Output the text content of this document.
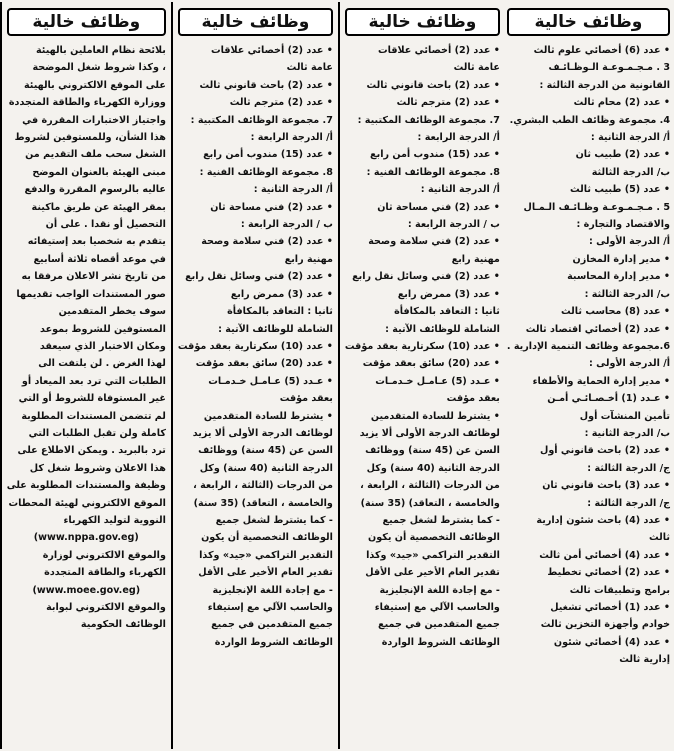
وظائف خالية
• عدد (6) أخصائي علوم ثالث
3 . مـجـمـوعـة الـوظـائـف
القانونية من الدرجة الثالثة :
• عدد (2) محام ثالث
4. مجموعة وظائف الطب البشري.
أ/ الدرجة الثانية :
• عدد (2) طبيب ثان
ب/ الدرجة الثالثة
• عدد (5) طبيب ثالث
5 . مـجـمـوعـة وظـائـف الـمـال
والاقتصاد والتجارة :
أ/ الدرجة الأولى :
• مدير إدارة المخازن
• مدير إدارة المحاسبة
ب/ الدرجة الثالثة :
• عدد (8) محاسب ثالث
• عدد (2) أخصائي اقتصاد ثالث
6.مجموعة وظائف التنمية الإدارية .
أ/ الدرجة الأولى :
• مدير إدارة الحماية والأطفاء
• عـدد (1) أخـصـائـي أمـن
تأمين المنشآت أول
ب/ الدرجة الثانية :
• عدد (2) باحث قانوني أول
ج/ الدرجة الثالثة :
• عدد (3) باحث قانوني ثان
ج/ الدرجة الثالثة :
• عدد (4) باحث شئون إدارية
ثالث
• عدد (4) أخصائي أمن ثالث
• عدد (2) أخصائي تخطيط
برامج وتطبيقات ثالث
• عدد (1) أخصائي تشغيل
خوادم وأجهزة التخزين ثالث
• عدد (4) أخصائي شئون
إدارية ثالث
وظائف خالية
• عدد (2) أخصائي علاقات
عامة ثالث
• عدد (2) باحث قانوني ثالث
• عدد (2) مترجم ثالث
7. مجموعة الوظائف المكتبية :
أ/ الدرجة الرابعة :
• عدد (15) مندوب أمن رابع
8. مجموعة الوظائف الفنية :
أ/ الدرجة الثانية :
• عدد (2) فني مساحة ثان
ب / الدرجة الرابعة :
• عدد (2) فني سلامة وصحة
مهنية رابع
• عدد (2) فني وسائل نقل رابع
• عدد (3) ممرض رابع
ثانيا : التعاقد بالمكافأة
الشاملة للوظائف الآتية :
• عدد (10) سكرتارية بعقد مؤقت
• عدد (20) سائق بعقد مؤقت
• عـدد (5) عـامـل خـدمـات
بعقد مؤقت
• يشترط للسادة المتقدمين
لوظائف الدرجة الأولى ألا يزيد
السن عن (45 سنة) ووظائف
الدرجة الثانية (40 سنة) وكل
من الدرجات (الثالثة ، الرابعة ،
والخامسة ، التعاقد) (35 سنة)
- كما يشترط لشغل جميع
الوظائف التخصصية أن يكون
التقدير التراكمي «جيد» وكذا
تقدير العام الأخير على الأقل
- مع إجادة اللغة الإنجليزية
والحاسب الآلي مع إستيفاء
جميع المتقدمين في جميع
الوظائف الشروط الواردة
وظائف خالية
• عدد (2) أخصائي علاقات
عامة ثالث
• عدد (2) باحث قانوني ثالث
• عدد (2) مترجم ثالث
7. مجموعة الوظائف المكتبية :
أ/ الدرجة الرابعة :
• عدد (15) مندوب أمن رابع
8. مجموعة الوظائف الفنية :
أ/ الدرجة الثانية :
• عدد (2) فني مساحة ثان
ب / الدرجة الرابعة :
• عدد (2) فني سلامة وصحة
مهنية رابع
• عدد (2) فني وسائل نقل رابع
• عدد (3) ممرض رابع
ثانيا : التعاقد بالمكافأة
الشاملة للوظائف الآتية :
• عدد (10) سكرتارية بعقد مؤقت
• عدد (20) سائق بعقد مؤقت
• عـدد (5) عـامـل خـدمـات
بعقد مؤقت
• يشترط للسادة المتقدمين
لوظائف الدرجة الأولى ألا يزيد
السن عن (45 سنة) ووظائف
الدرجة الثانية (40 سنة) وكل
من الدرجات (الثالثة ، الرابعة ،
والخامسة ، التعاقد) (35 سنة)
- كما يشترط لشغل جميع
الوظائف التخصصية أن يكون
التقدير التراكمي «جيد» وكذا
تقدير العام الأخير على الأقل
- مع إجادة اللغة الإنجليزية
والحاسب الآلي مع إستيفاء
جميع المتقدمين في جميع
الوظائف الشروط الواردة
وظائف خالية
بلائحة نظام العاملين بالهيئة
، وكذا شروط شغل الموضحة
على الموقع الالكتروني بالهيئة
ووزارة الكهرباء والطاقة المتجددة
واجتياز الاختبارات المقررة في
هذا الشأن، وللمستوفين لشروط
الشغل سحب ملف التقديم من
مبنى الهيئة بالعنوان الموضح
عاليه بالرسوم المقررة والدفع
بمقر الهيئة عن طريق ماكينة
التحصيل أو نقدا . على أن
يتقدم به شخصيا بعد إستيفائه
في موعد أقصاه ثلاثة أسابيع
من تاريخ نشر الاعلان مرفقا به
صور المستندات الواجب تقديمها
سوف يخطر المتقدمين
المستوفين للشروط بموعد
ومكان الاختبار الذي سيعقد
لهذا الغرض . لن يلتفت الى
الطلبات التي ترد بعد الميعاد أو
غير المستوفاة للشروط أو التي
لم تتضمن المستندات المطلوبة
كاملة ولن تقبل الطلبات التي
ترد بالبريد . ويمكن الاطلاع على
هذا الاعلان وشروط شغل كل
وظيفة والمستندات المطلوبة على
الموقع الالكتروني لهيئة المحطات
النووية لتوليد الكهرباء
(www.nppa.gov.eg)
والموقع الالكتروني لوزارة
الكهرباء والطاقة المتجددة
(www.moee.gov.eg)
والموقع الالكتروني لبوابة
الوظائف الحكومية
